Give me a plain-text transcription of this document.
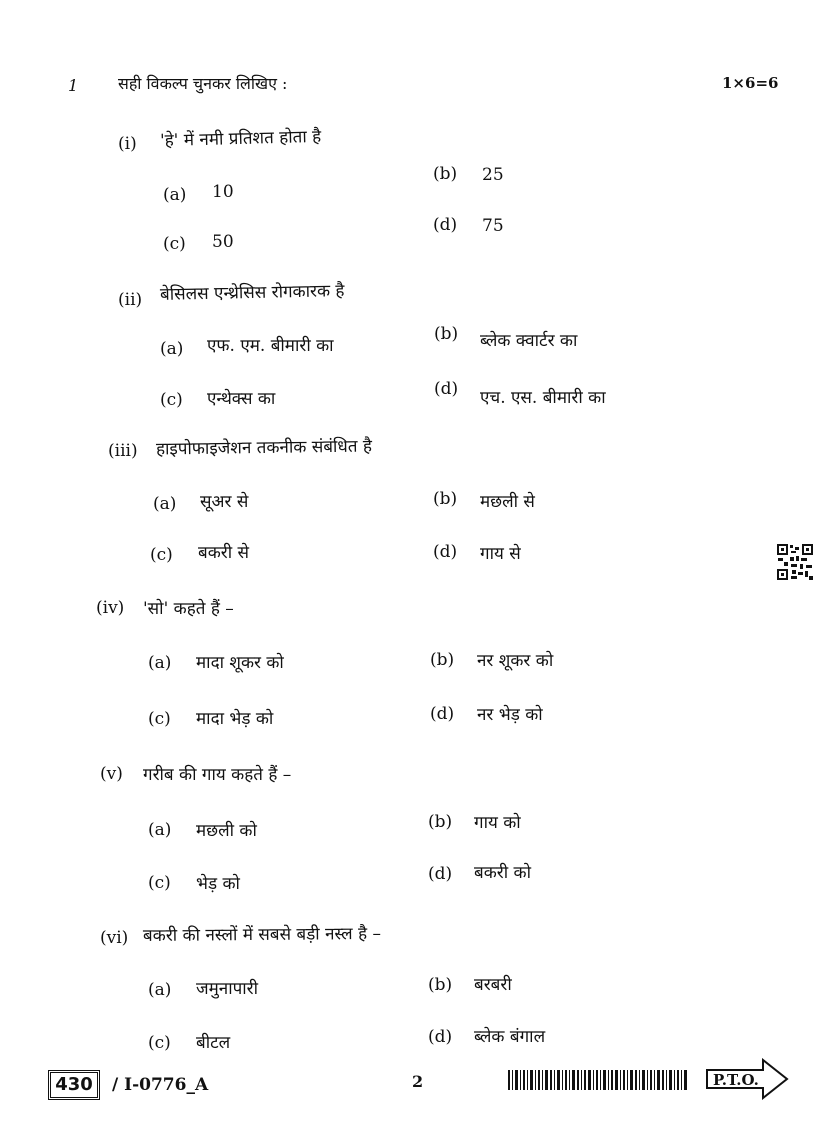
1 सही विकल्प चुनकर लिखिए :	1×6=6
(i) 'हे' में नमी प्रतिशत होता है
(a) 10
(b) 25
(c) 50
(d) 75
(ii) बेसिलस एन्थ्रेसिस रोगकारक है
(a) एफ. एम. बीमारी का
(b) ब्लेक क्वार्टर का
(c) एन्थेक्स का	(d) एच. एस. बीमारी का
(iii) हाइपोफाइजेशन तकनीक संबंधित है
(a) सूअर से	(b) मछली से
(c) बकरी से	(d) गाय से
(iv) 'सो' कहते हैं –
(a) मादा शूकर को	(b) नर शूकर को
(c) मादा भेड़ को	(d) नर भेड़ को
(v) गरीब की गाय कहते हैं –
(a) मछली को	(b) गाय को
(c) भेड़ को	(d) बकरी को
(vi) बकरी की नस्लों में सबसे बड़ी नस्ल है –
(a) जमुनापारी	(b) बरबरी
(c) बीटल	(d) ब्लेक बंगाल
430	/ I-0776_A	2	P.T.O.
